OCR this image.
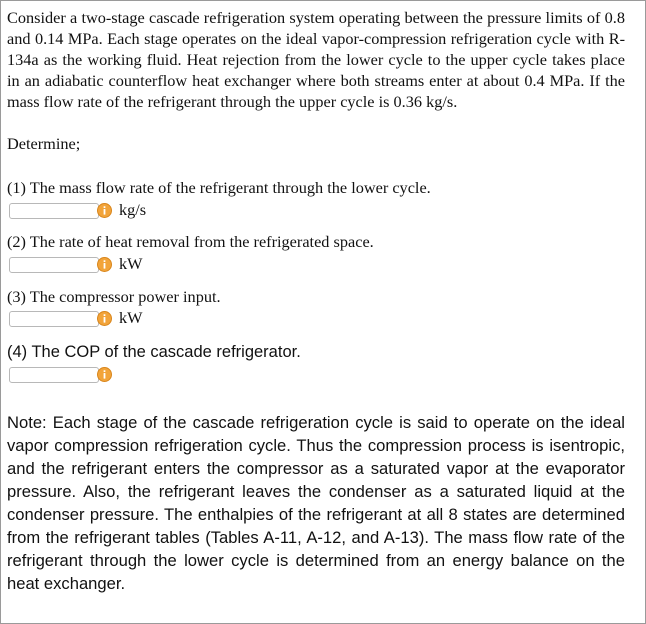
Consider a two-stage cascade refrigeration system operating between the pressure limits of 0.8 and 0.14 MPa. Each stage operates on the ideal vapor-compression refrigeration cycle with R-134a as the working fluid. Heat rejection from the lower cycle to the upper cycle takes place in an adiabatic counterflow heat exchanger where both streams enter at about 0.4 MPa. If the mass flow rate of the refrigerant through the upper cycle is 0.36 kg/s.

Determine;
(1) The mass flow rate of the refrigerant through the lower cycle.
kg/s
(2) The rate of heat removal from the refrigerated space.
kW
(3) The compressor power input.
kW
(4) The COP of the cascade refrigerator.

Note: Each stage of the cascade refrigeration cycle is said to operate on the ideal vapor compression refrigeration cycle. Thus the compression process is isentropic, and the refrigerant enters the compressor as a saturated vapor at the evaporator pressure. Also, the refrigerant leaves the condenser as a saturated liquid at the condenser pressure. The enthalpies of the refrigerant at all 8 states are determined from the refrigerant tables (Tables A-11, A-12, and A-13). The mass flow rate of the refrigerant through the lower cycle is determined from an energy balance on the heat exchanger.
